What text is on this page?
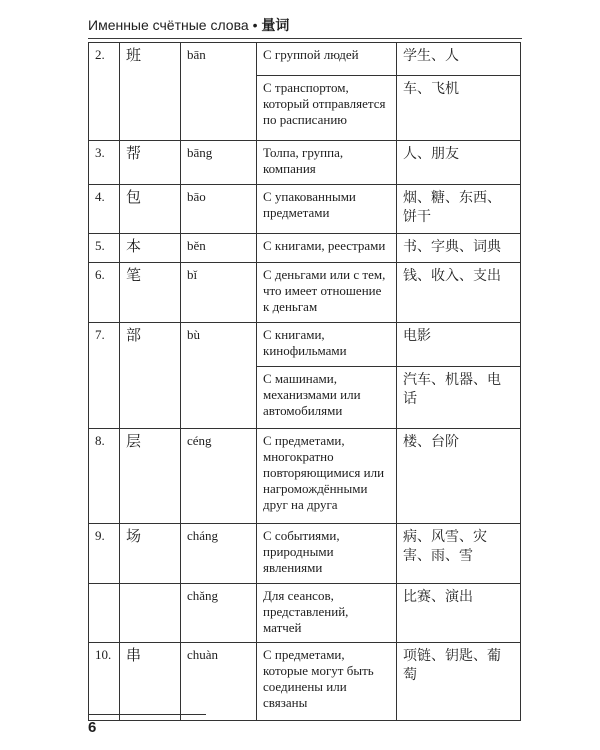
Именные счётные слова • 量词
2.	班	bān	С группой людей	学生、人
			С транспортом, который отправляется по расписанию	车、飞机
3.	帮	bāng	Толпа, группа, компания	人、朋友
4.	包	bāo	С упакованными предметами	烟、糖、东西、饼干
5.	本	běn	С книгами, реестрами	书、字典、词典
6.	笔	bǐ	С деньгами или с тем, что имеет отношение к деньгам	钱、收入、支出
7.	部	bù	С книгами, кинофильмами	电影
			С машинами, механизмами или автомобилями	汽车、机器、电话
8.	层	céng	С предметами, многократно повторяющимися или нагромождёнными друг на друга	楼、台阶
9.	场	cháng	С событиями, природными явлениями	病、风雪、灾害、雨、雪
		chǎng	Для сеансов, представлений, матчей	比赛、演出
10.	串	chuàn	С предметами, которые могут быть соединены или связаны	项链、钥匙、葡萄
6
